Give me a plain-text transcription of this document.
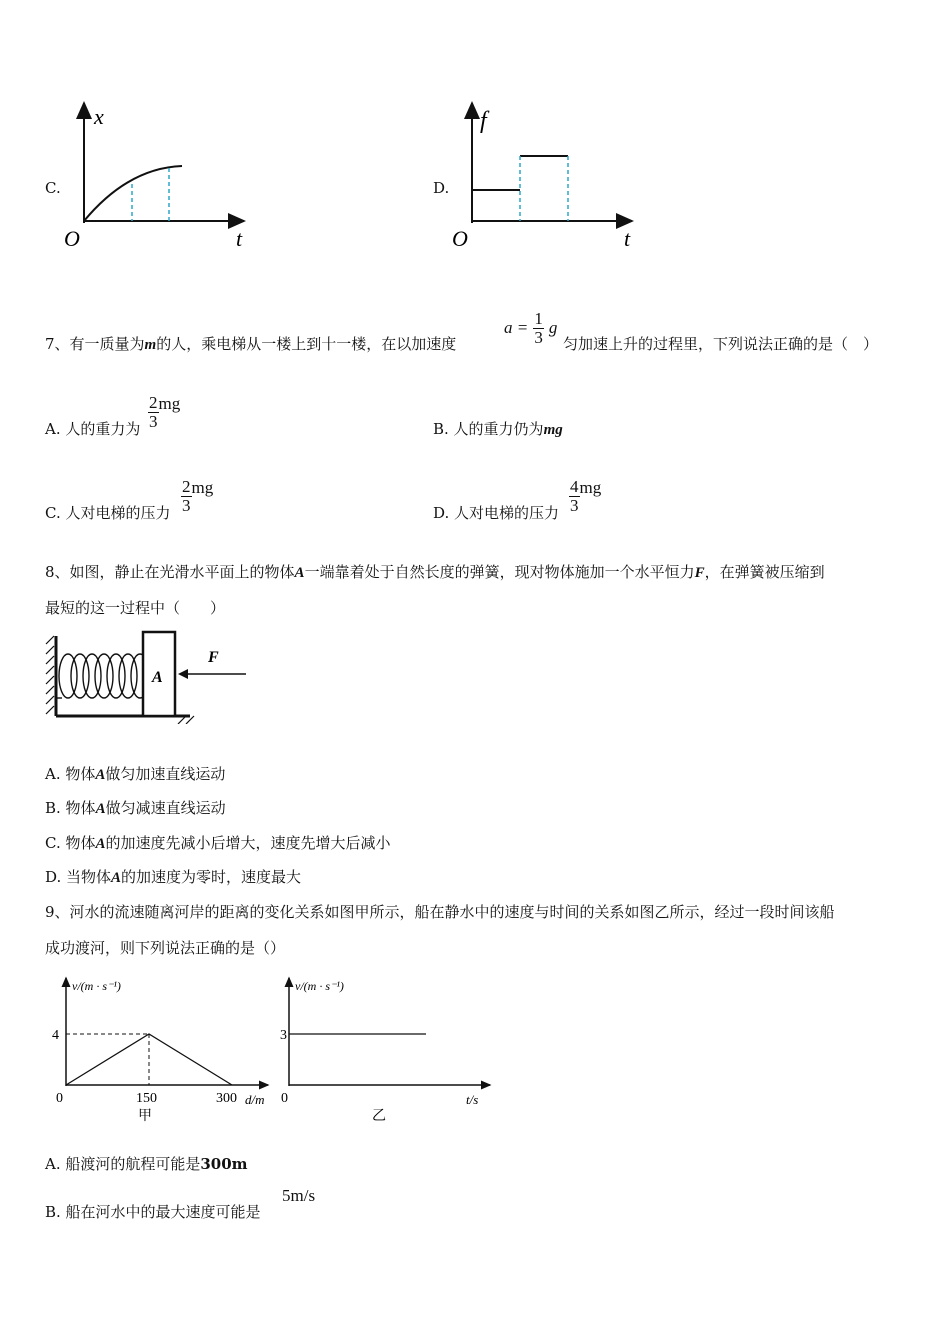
C.
x
O	t
D.
f
O	t
7、有一质量为m的人，乘电梯从一楼上到十一楼，在以加速度
$a = \frac{1}{3}$ g
匀加速上升的过程里，下列说法正确的是（　）
A. 人的重力为 $\frac{2}{3}$ mg
B. 人的重力仍为mg
C. 人对电梯的压力 $\frac{2}{3}$ mg
D. 人对电梯的压力 $\frac{4}{3}$ mg
8、如图，静止在光滑水平面上的物体A一端靠着处于自然长度的弹簧，现对物体施加一个水平恒力F，在弹簧被压缩到
最短的这一过程中（　　）
A
F
A. 物体A做匀加速直线运动
B. 物体A做匀减速直线运动
C. 物体A的加速度先减小后增大，速度先增大后减小
D. 当物体A的加速度为零时，速度最大
9、河水的流速随离河岸的距离的变化关系如图甲所示，船在静水中的速度与时间的关系如图乙所示，经过一段时间该船
成功渡河，则下列说法正确的是（）
v/(m · s⁻¹)
4
0	150	300 d/m
甲
v/(m · s⁻¹)
3
0	t/s
乙
A. 船渡河的航程可能是300m
B. 船在河水中的最大速度可能是
5m/s
